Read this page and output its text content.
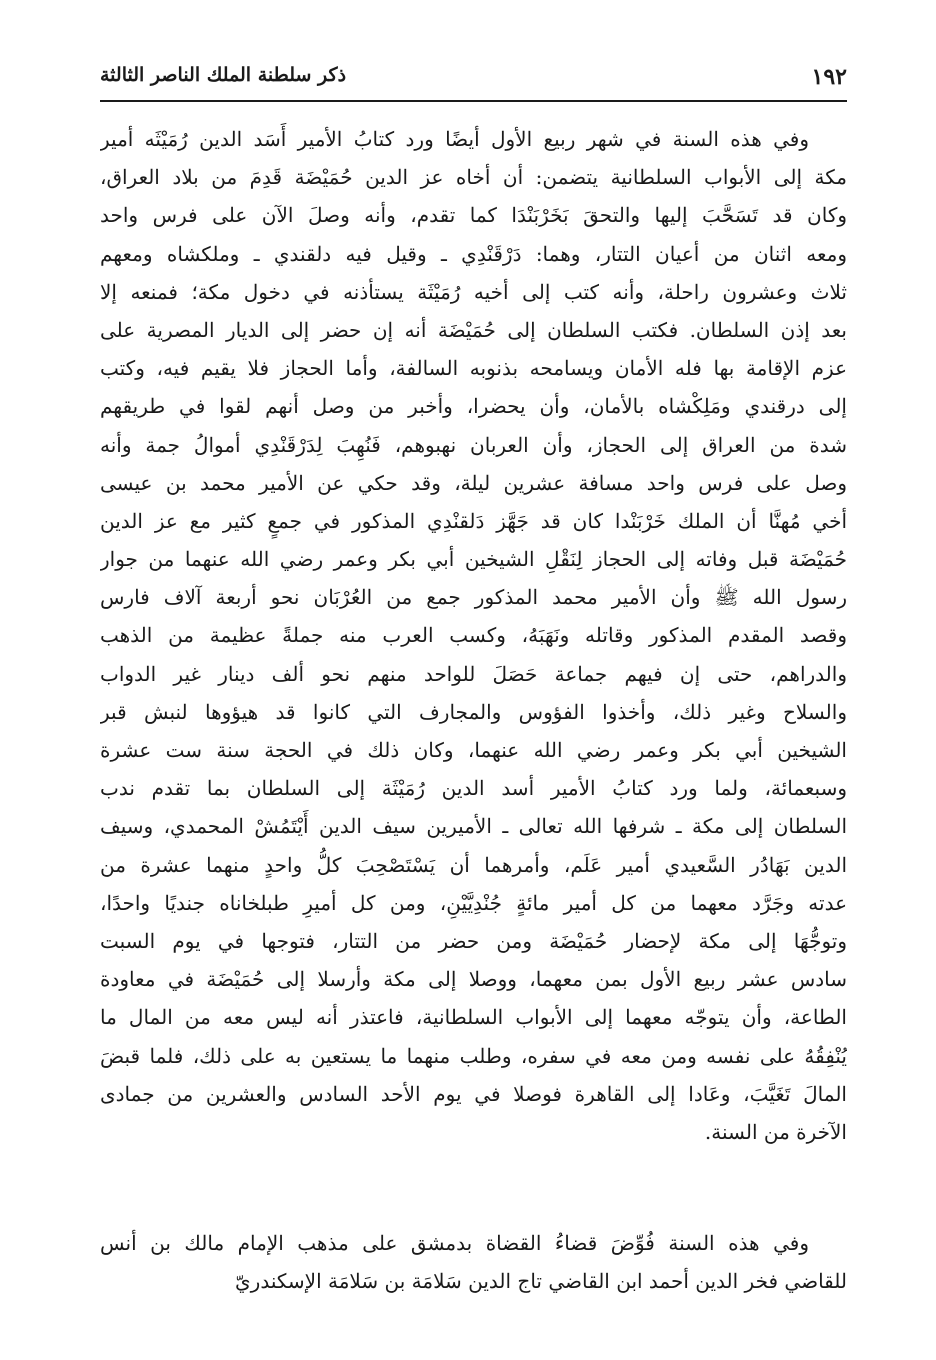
١٩٢
ذكر سلطنة الملك الناصر الثالثة
وفي هذه السنة في شهر ربيع الأول أيضًا ورد كتابُ الأمير أَسَد الدين رُمَيْثَه أمير
مكة إلى الأبواب السلطانية يتضمن: أن أخاه عز الدين حُمَيْضَة قَدِمَ من بلاد العراق،
وكان قد تَسَحَّبَ إليها والتحقَ بَخَرْبَنْدَا كما تقدم، وأنه وصلَ الآن على فرس واحد
ومعه اثنان من أعيان التتار، وهما: دَرْقَنْدِي ـ وقيل فيه دلقندي ـ وملكشاه ومعهم
ثلاث وعشرون راحلة، وأنه كتب إلى أخيه رُمَيْثَة يستأذنه في دخول مكة؛ فمنعه إلا
بعد إذن السلطان. فكتب السلطان إلى حُمَيْضَة أنه إن حضر إلى الديار المصرية على
عزم الإقامة بها فله الأمان ويسامحه بذنوبه السالفة، وأما الحجاز فلا يقيم فيه، وكتب
إلى درقندي ومَلِكْشاه بالأمان، وأن يحضرا، وأخبر من وصل أنهم لقوا في طريقهم
شدة من العراق إلى الحجاز، وأن العربان نهبوهم، فَنُهِبَ لِدَرْقَنْدِي أموالُ جمة وأنه
وصل على فرس واحد مسافة عشرين ليلة، وقد حكي عن الأمير محمد بن عيسى
أخي مُهنَّا أن الملك خَرْبَنْدا كان قد جَهَّز دَلقنْدِي المذكور في جمعٍ كثير مع عز الدين
حُمَيْضَة قبل وفاته إلى الحجاز لِنَقْلِ الشيخين أبي بكر وعمر رضي الله عنهما من جوار
رسول الله ﷺ وأن الأمير محمد المذكور جمع من العُرْبَان نحو أربعة آلاف فارس
وقصد المقدم المذكور وقاتله ونَهَبَهُ، وكسب العرب منه جملةً عظيمة من الذهب
والدراهم، حتى إن فيهم جماعة حَصَلَ للواحد منهم نحو ألف دينار غير الدواب
والسلاح وغير ذلك، وأخذوا الفؤوس والمجارف التي كانوا قد هيؤوها لنبش قبر
الشيخين أبي بكر وعمر رضي الله عنهما، وكان ذلك في الحجة سنة ست عشرة
وسبعمائة، ولما ورد كتابُ الأمير أسد الدين رُمَيْثَة إلى السلطان بما تقدم ندب
السلطان إلى مكة ـ شرفها الله تعالى ـ الأميرين سيف الدين أَيْتَمُشْ المحمدي، وسيف
الدين بَهَادُر السَّعيدي أمير عَلَم، وأمرهما أن يَسْتَصْحِبَ كلُّ واحدٍ منهما عشرة من
عدته وجَرَّد معهما من كل أمير مائةٍ جُنْدِيَّيْنِ، ومن كل أميرِ طبلخاناه جنديًا واحدًا،
وتوجُّهَا إلى مكة لإحضار حُمَيْضَة ومن حضر من التتار، فتوجها في يوم السبت
سادس عشر ربيع الأول بمن معهما، ووصلا إلى مكة وأرسلا إلى حُمَيْضَة في معاودة
الطاعة، وأن يتوجّه معهما إلى الأبواب السلطانية، فاعتذر أنه ليس معه من المال ما
يُنْفِقُهُ على نفسه ومن معه في سفره، وطلب منهما ما يستعين به على ذلك، فلما قبضَ
المالَ تَغَيَّبَ، وعَادا إلى القاهرة فوصلا في يوم الأحد السادس والعشرين من جمادى
الآخرة من السنة.
وفي هذه السنة فُوِّضَ قضاءُ القضاة بدمشق على مذهب الإمام مالك بن أنس
للقاضي فخر الدين أحمد ابن القاضي تاج الدين سَلامَة بن سَلامَة الإسكندريّ
